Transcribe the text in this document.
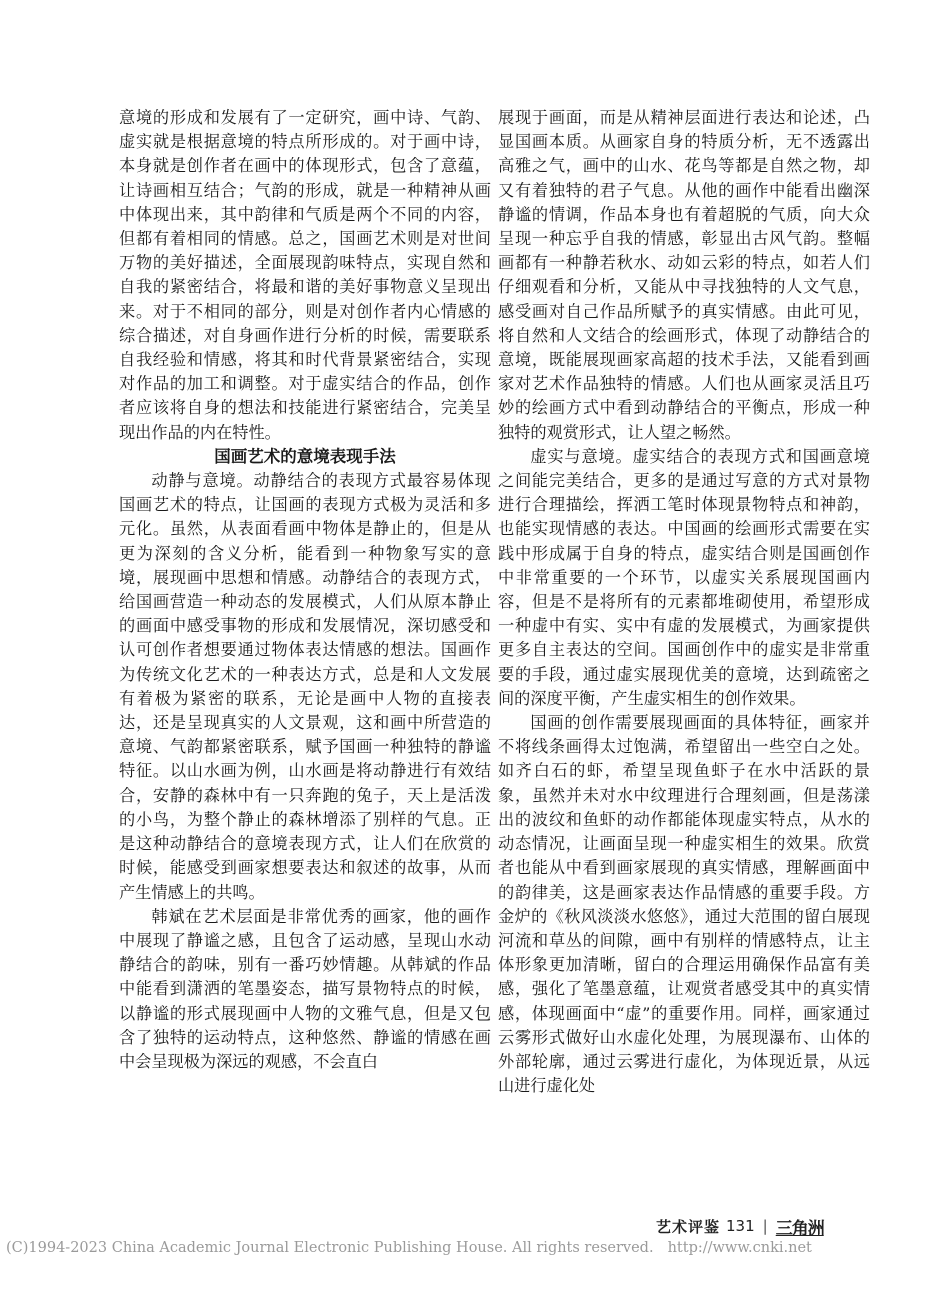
意境的形成和发展有了一定研究，画中诗、气韵、虚实就是根据意境的特点所形成的。对于画中诗，本身就是创作者在画中的体现形式，包含了意蕴，让诗画相互结合；气韵的形成，就是一种精神从画中体现出来，其中韵律和气质是两个不同的内容，但都有着相同的情感。总之，国画艺术则是对世间万物的美好描述，全面展现韵味特点，实现自然和自我的紧密结合，将最和谐的美好事物意义呈现出来。对于不相同的部分，则是对创作者内心情感的综合描述，对自身画作进行分析的时候，需要联系自我经验和情感，将其和时代背景紧密结合，实现对作品的加工和调整。对于虚实结合的作品，创作者应该将自身的想法和技能进行紧密结合，完美呈现出作品的内在特性。

国画艺术的意境表现手法

动静与意境。动静结合的表现方式最容易体现国画艺术的特点，让国画的表现方式极为灵活和多元化。虽然，从表面看画中物体是静止的，但是从更为深刻的含义分析，能看到一种物象写实的意境，展现画中思想和情感。动静结合的表现方式，给国画营造一种动态的发展模式，人们从原本静止的画面中感受事物的形成和发展情况，深切感受和认可创作者想要通过物体表达情感的想法。国画作为传统文化艺术的一种表达方式，总是和人文发展有着极为紧密的联系，无论是画中人物的直接表达，还是呈现真实的人文景观，这和画中所营造的意境、气韵都紧密联系，赋予国画一种独特的静谧特征。以山水画为例，山水画是将动静进行有效结合，安静的森林中有一只奔跑的兔子，天上是活泼的小鸟，为整个静止的森林增添了别样的气息。正是这种动静结合的意境表现方式，让人们在欣赏的时候，能感受到画家想要表达和叙述的故事，从而产生情感上的共鸣。

韩斌在艺术层面是非常优秀的画家，他的画作中展现了静谧之感，且包含了运动感，呈现山水动静结合的韵味，别有一番巧妙情趣。从韩斌的作品中能看到潇洒的笔墨姿态，描写景物特点的时候，以静谧的形式展现画中人物的文雅气息，但是又包含了独特的运动特点，这种悠然、静谧的情感在画中会呈现极为深远的观感，不会直白

展现于画面，而是从精神层面进行表达和论述，凸显国画本质。从画家自身的特质分析，无不透露出高雅之气，画中的山水、花鸟等都是自然之物，却又有着独特的君子气息。从他的画作中能看出幽深静谧的情调，作品本身也有着超脱的气质，向大众呈现一种忘乎自我的情感，彰显出古风气韵。整幅画都有一种静若秋水、动如云彩的特点，如若人们仔细观看和分析，又能从中寻找独特的人文气息，感受画对自己作品所赋予的真实情感。由此可见，将自然和人文结合的绘画形式，体现了动静结合的意境，既能展现画家高超的技术手法，又能看到画家对艺术作品独特的情感。人们也从画家灵活且巧妙的绘画方式中看到动静结合的平衡点，形成一种独特的观赏形式，让人望之畅然。

虚实与意境。虚实结合的表现方式和国画意境之间能完美结合，更多的是通过写意的方式对景物进行合理描绘，挥洒工笔时体现景物特点和神韵，也能实现情感的表达。中国画的绘画形式需要在实践中形成属于自身的特点，虚实结合则是国画创作中非常重要的一个环节，以虚实关系展现国画内容，但是不是将所有的元素都堆砌使用，希望形成一种虚中有实、实中有虚的发展模式，为画家提供更多自主表达的空间。国画创作中的虚实是非常重要的手段，通过虚实展现优美的意境，达到疏密之间的深度平衡，产生虚实相生的创作效果。

国画的创作需要展现画面的具体特征，画家并不将线条画得太过饱满，希望留出一些空白之处。如齐白石的虾，希望呈现鱼虾子在水中活跃的景象，虽然并未对水中纹理进行合理刻画，但是荡漾出的波纹和鱼虾的动作都能体现虚实特点，从水的动态情况，让画面呈现一种虚实相生的效果。欣赏者也能从中看到画家展现的真实情感，理解画面中的韵律美，这是画家表达作品情感的重要手段。方金炉的《秋风淡淡水悠悠》，通过大范围的留白展现河流和草丛的间隙，画中有别样的情感特点，让主体形象更加清晰，留白的合理运用确保作品富有美感，强化了笔墨意蕴，让观赏者感受其中的真实情感，体现画面中“虚”的重要作用。同样，画家通过云雾形式做好山水虚化处理，为展现瀑布、山体的外部轮廓，通过云雾进行虚化，为体现近景，从远山进行虚化处

艺术评鉴 131 | 三角洲
(C)1994-2023 China Academic Journal Electronic Publishing House. All rights reserved. http://www.cnki.net
